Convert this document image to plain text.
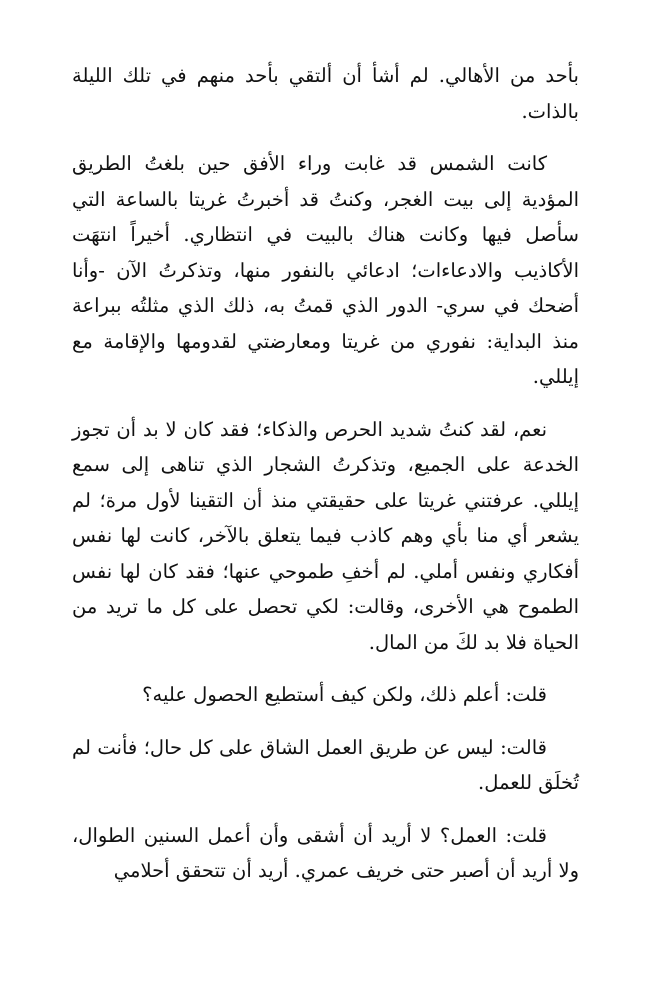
بأحد من الأهالي. لم أشأ أن ألتقي بأحد منهم في تلك الليلة بالذات.

كانت الشمس قد غابت وراء الأفق حين بلغتُ الطريق المؤدية إلى بيت الغجر، وكنتُ قد أخبرتُ غريتا بالساعة التي سأصل فيها وكانت هناك بالبيت في انتظاري. أخيراً انتهَت الأكاذيب والادعاءات؛ ادعائي بالنفور منها، وتذكرتُ الآن -وأنا أضحك في سري- الدور الذي قمتُ به، ذلك الذي مثلتُه ببراعة منذ البداية: نفوري من غريتا ومعارضتي لقدومها والإقامة مع إيللي.

نعم، لقد كنتُ شديد الحرص والذكاء؛ فقد كان لا بد أن تجوز الخدعة على الجميع، وتذكرتُ الشجار الذي تناهى إلى سمع إيللي. عرفتني غريتا على حقيقتي منذ أن التقينا لأول مرة؛ لم يشعر أي منا بأي وهم كاذب فيما يتعلق بالآخر، كانت لها نفس أفكاري ونفس أملي. لم أخفِ طموحي عنها؛ فقد كان لها نفس الطموح هي الأخرى، وقالت: لكي تحصل على كل ما تريد من الحياة فلا بد لكَ من المال.

قلت: أعلم ذلك، ولكن كيف أستطيع الحصول عليه؟

قالت: ليس عن طريق العمل الشاق على كل حال؛ فأنت لم تُخلَق للعمل.

قلت: العمل؟ لا أريد أن أشقى وأن أعمل السنين الطوال، ولا أريد أن أصبر حتى خريف عمري. أريد أن تتحقق أحلامي
